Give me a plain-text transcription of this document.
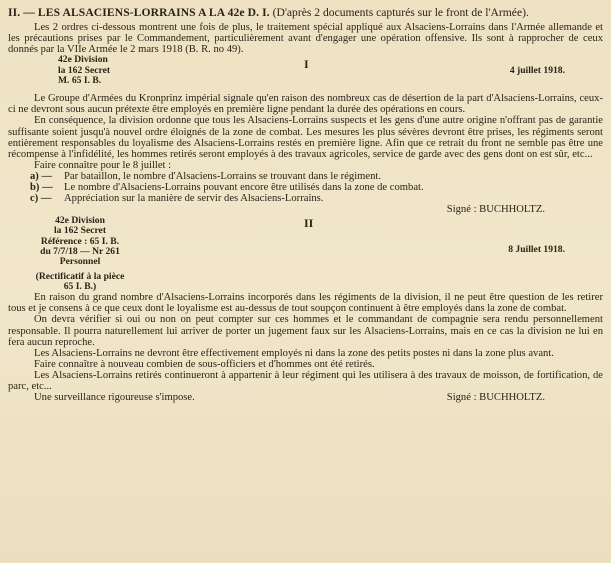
II. — LES ALSACIENS-LORRAINS A LA 42e D. I. (D'après 2 documents capturés sur le front de l'Armée).

Les 2 ordres ci-dessous montrent une fois de plus, le traitement spécial appliqué aux Alsaciens-Lorrains dans l'Armée allemande et les précautions prises par le Commandement, particulièrement avant d'engager une opération offensive. Ils sont à rapprocher de ceux donnés par la VIIe Armée le 2 mars 1918 (B. R. no 49).

42e Division
la 162 Secret
M. 65 I. B.
I	4 juillet 1918.

Le Groupe d'Armées du Kronprinz impérial signale qu'en raison des nombreux cas de désertion de la part d'Alsaciens-Lorrains, ceux-ci ne devront sous aucun prétexte être employés en première ligne pendant la durée des opérations en cours.

En conséquence, la division ordonne que tous les Alsaciens-Lorrains suspects et les gens d'une autre origine n'offrant pas de garantie suffisante soient jusqu'à nouvel ordre éloignés de la zone de combat. Les mesures les plus sévères devront être prises, les régiments seront entièrement responsables du loyalisme des Alsaciens-Lorrains restés en première ligne. Afin que ce retrait du front ne semble pas être une récompense à l'infidélité, les hommes retirés seront employés à des travaux agricoles, service de garde avec des gens dont on est sûr, etc...

Faire connaître pour le 8 juillet :

a) — Par bataillon, le nombre d'Alsaciens-Lorrains se trouvant dans le régiment.
b) — Le nombre d'Alsaciens-Lorrains pouvant encore être utilisés dans la zone de combat.
c) — Appréciation sur la manière de servir des Alsaciens-Lorrains.

Signé : BUCHHOLTZ.

42e Division
la 162 Secret
Référence : 65 I. B.
du 7/7/18 — Nr 261
Personnel
(Rectificatif à la pièce
65 I. B.)
II
8 Juillet 1918.

En raison du grand nombre d'Alsaciens-Lorrains incorporés dans les régiments de la division, il ne peut être question de les retirer tous et je consens à ce que ceux dont le loyalisme est au-dessus de tout soupçon continuent à être employés dans la zone de combat.

On devra vérifier si oui ou non on peut compter sur ces hommes et le commandant de compagnie sera rendu personnellement responsable. Il pourra naturellement lui arriver de porter un jugement faux sur les Alsaciens-Lorrains, mais en ce cas la division ne lui en fera aucun reproche.

Les Alsaciens-Lorrains ne devront être effectivement employés ni dans la zone des petits postes ni dans la zone plus avant.

Faire connaître à nouveau combien de sous-officiers et d'hommes ont été retirés.

Les Alsaciens-Lorrains retirés continueront à appartenir à leur régiment qui les utilisera à des travaux de moisson, de fortification, de parc, etc...

Une surveillance rigoureuse s'impose.	Signé : BUCHHOLTZ.
